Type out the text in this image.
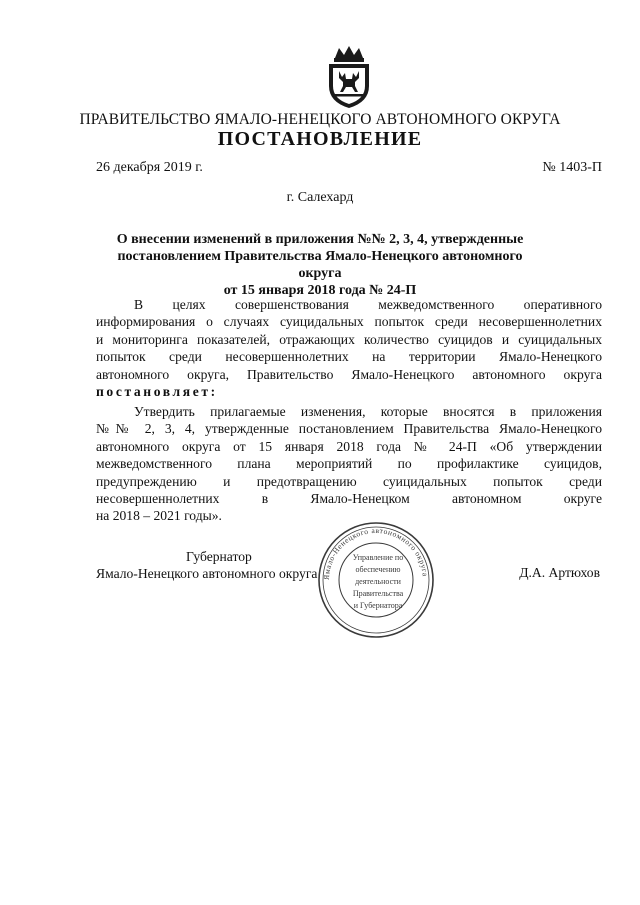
ПРАВИТЕЛЬСТВО ЯМАЛО-НЕНЕЦКОГО АВТОНОМНОГО ОКРУГА
ПОСТАНОВЛЕНИЕ
26 декабря 2019 г.	№ 1403-П
г. Салехард
О внесении изменений в приложения №№ 2, 3, 4, утвержденные
постановлением Правительства Ямало-Ненецкого автономного округа
от 15 января 2018 года № 24-П
В целях совершенствования межведомственного оперативного
информирования о случаях суицидальных попыток среди несовершеннолетних
и мониторинга показателей, отражающих количество суицидов и суицидальных
попыток среди несовершеннолетних на территории Ямало-Ненецкого
автономного округа, Правительство Ямало-Ненецкого автономного округа
постановляет:
Утвердить прилагаемые изменения, которые вносятся в приложения
№№ 2, 3, 4, утвержденные постановлением Правительства Ямало-Ненецкого
автономного округа от 15 января 2018 года № 24-П «Об утверждении
межведомственного плана мероприятий по профилактике суицидов,
предупреждению и предотвращению суицидальных попыток среди
несовершеннолетних в Ямало-Ненецком автономном округе
на 2018 – 2021 годы».
Губернатор
Ямало-Ненецкого автономного округа	Д.А. Артюхов
Ямало-Ненецкого автономного округа
Управление по
обеспечению
деятельности
Правительства
и Губернатора
